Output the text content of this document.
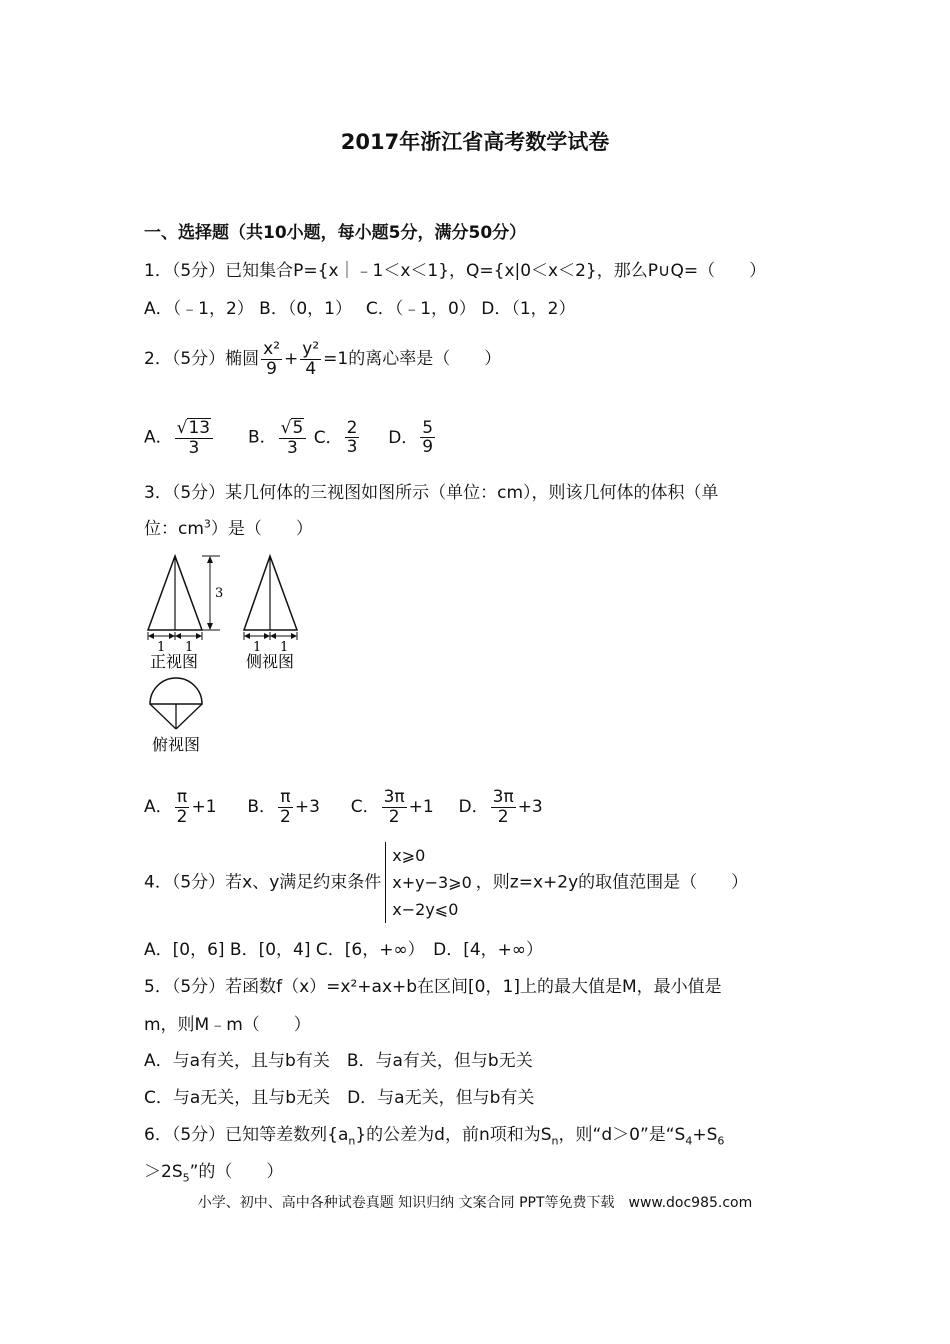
2017年浙江省高考数学试卷
一、选择题（共10小题，每小题5分，满分50分）
1．（5分）已知集合P={x｜﹣1＜x＜1}，Q={x|0＜x＜2}，那么P∪Q=（　　）
A．（﹣1，2） B．（0，1）　 C．（﹣1，0） D．（1，2）
2．（5分）椭圆 $\frac{\text{x²}}{9} + \frac{\text{y²}}{4} =1$的离心率是（　　）
A． $\frac{√13}{3}$ B． $\frac{√5}{3}$ C． $\frac{2}{3}$ D． $\frac{5}{9}$
3．（5分）某几何体的三视图如图所示（单位：cm），则该几何体的体积（单
位：$cm^3$）是（　　）
3
1 1
正视图
1 1
侧视图
俯视图
A． $\frac{\pi}{2} +1$ B． $\frac{\pi}{2} +3$ C． $\frac{3\pi}{2} +1$ D． $\frac{3\pi}{2} +3$
4．（5分）若x、y满足约束条件
x⩾0
x+y−3⩾0
x−2y⩽0
，则z=x+2y的取值范围是（　　）
A．[0，6] B．[0，4] C．[6，+∞）　D．[4，+∞）
5．（5分）若函数f（x）=x²+ax+b在区间[0，1]上的最大值是M，最小值是
m，则M﹣m（　　）
A．与a有关，且与b有关　B．与a有关，但与b无关
C．与a无关，且与b无关　D．与a无关，但与b有关
6．（5分）已知等差数列$\{a_n\}$的公差为d，前n项和为$S_n$，则“d＞0”是“$S_4+S_6$
$>2S_5$”的（　　）
小学、初中、高中各种试卷真题 知识归纳 文案合同 PPT等免费下载　www.doc985.com
